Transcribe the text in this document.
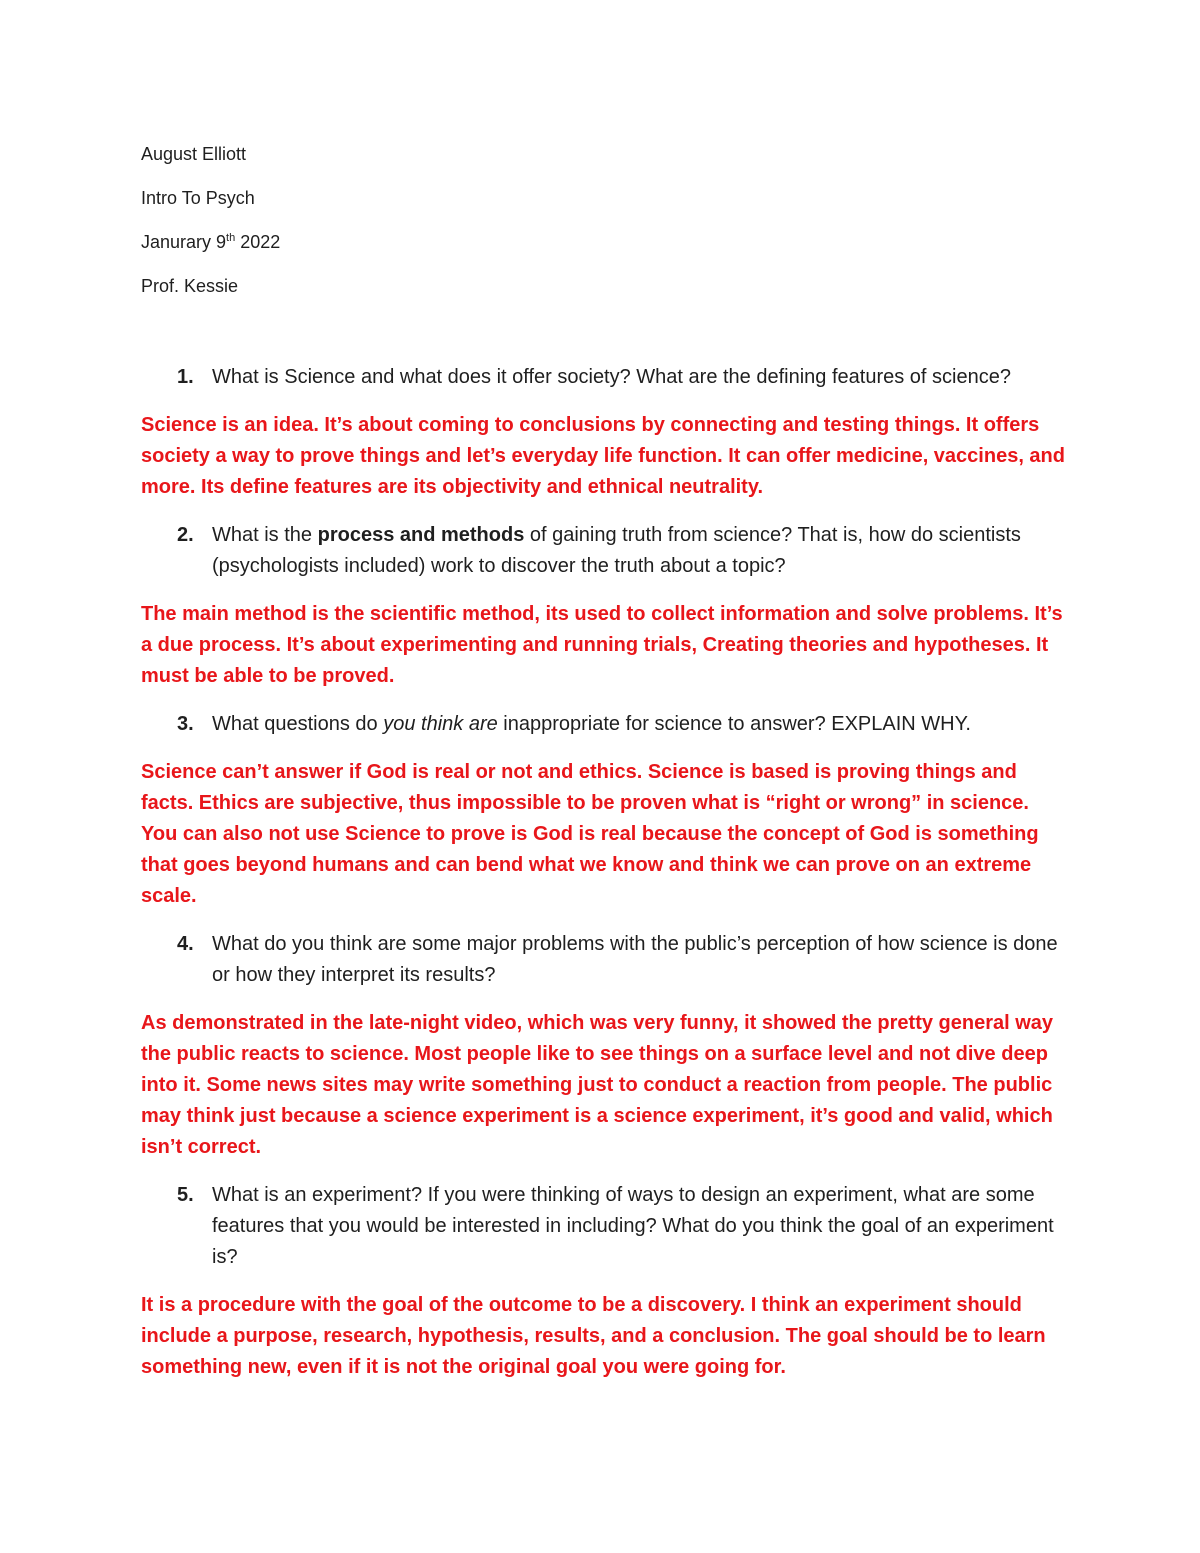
August Elliott
Intro To Psych
Janurary 9th 2022
Prof. Kessie
1. What is Science and what does it offer society? What are the defining features of science?
Science is an idea. It’s about coming to conclusions by connecting and testing things. It offers society a way to prove things and let’s everyday life function. It can offer medicine, vaccines, and more. Its define features are its objectivity and ethnical neutrality.
2. What is the process and methods of gaining truth from science? That is, how do scientists (psychologists included) work to discover the truth about a topic?
The main method is the scientific method, its used to collect information and solve problems. It’s a due process. It’s about experimenting and running trials, Creating theories and hypotheses. It must be able to be proved.
3. What questions do you think are inappropriate for science to answer? EXPLAIN WHY.
Science can’t answer if God is real or not and ethics. Science is based is proving things and facts. Ethics are subjective, thus impossible to be proven what is “right or wrong” in science. You can also not use Science to prove is God is real because the concept of God is something that goes beyond humans and can bend what we know and think we can prove on an extreme scale.
4. What do you think are some major problems with the public’s perception of how science is done or how they interpret its results?
As demonstrated in the late-night video, which was very funny, it showed the pretty general way the public reacts to science. Most people like to see things on a surface level and not dive deep into it. Some news sites may write something just to conduct a reaction from people. The public may think just because a science experiment is a science experiment, it’s good and valid, which isn’t correct.
5. What is an experiment? If you were thinking of ways to design an experiment, what are some features that you would be interested in including? What do you think the goal of an experiment is?
It is a procedure with the goal of the outcome to be a discovery. I think an experiment should include a purpose, research, hypothesis, results, and a conclusion. The goal should be to learn something new, even if it is not the original goal you were going for.
